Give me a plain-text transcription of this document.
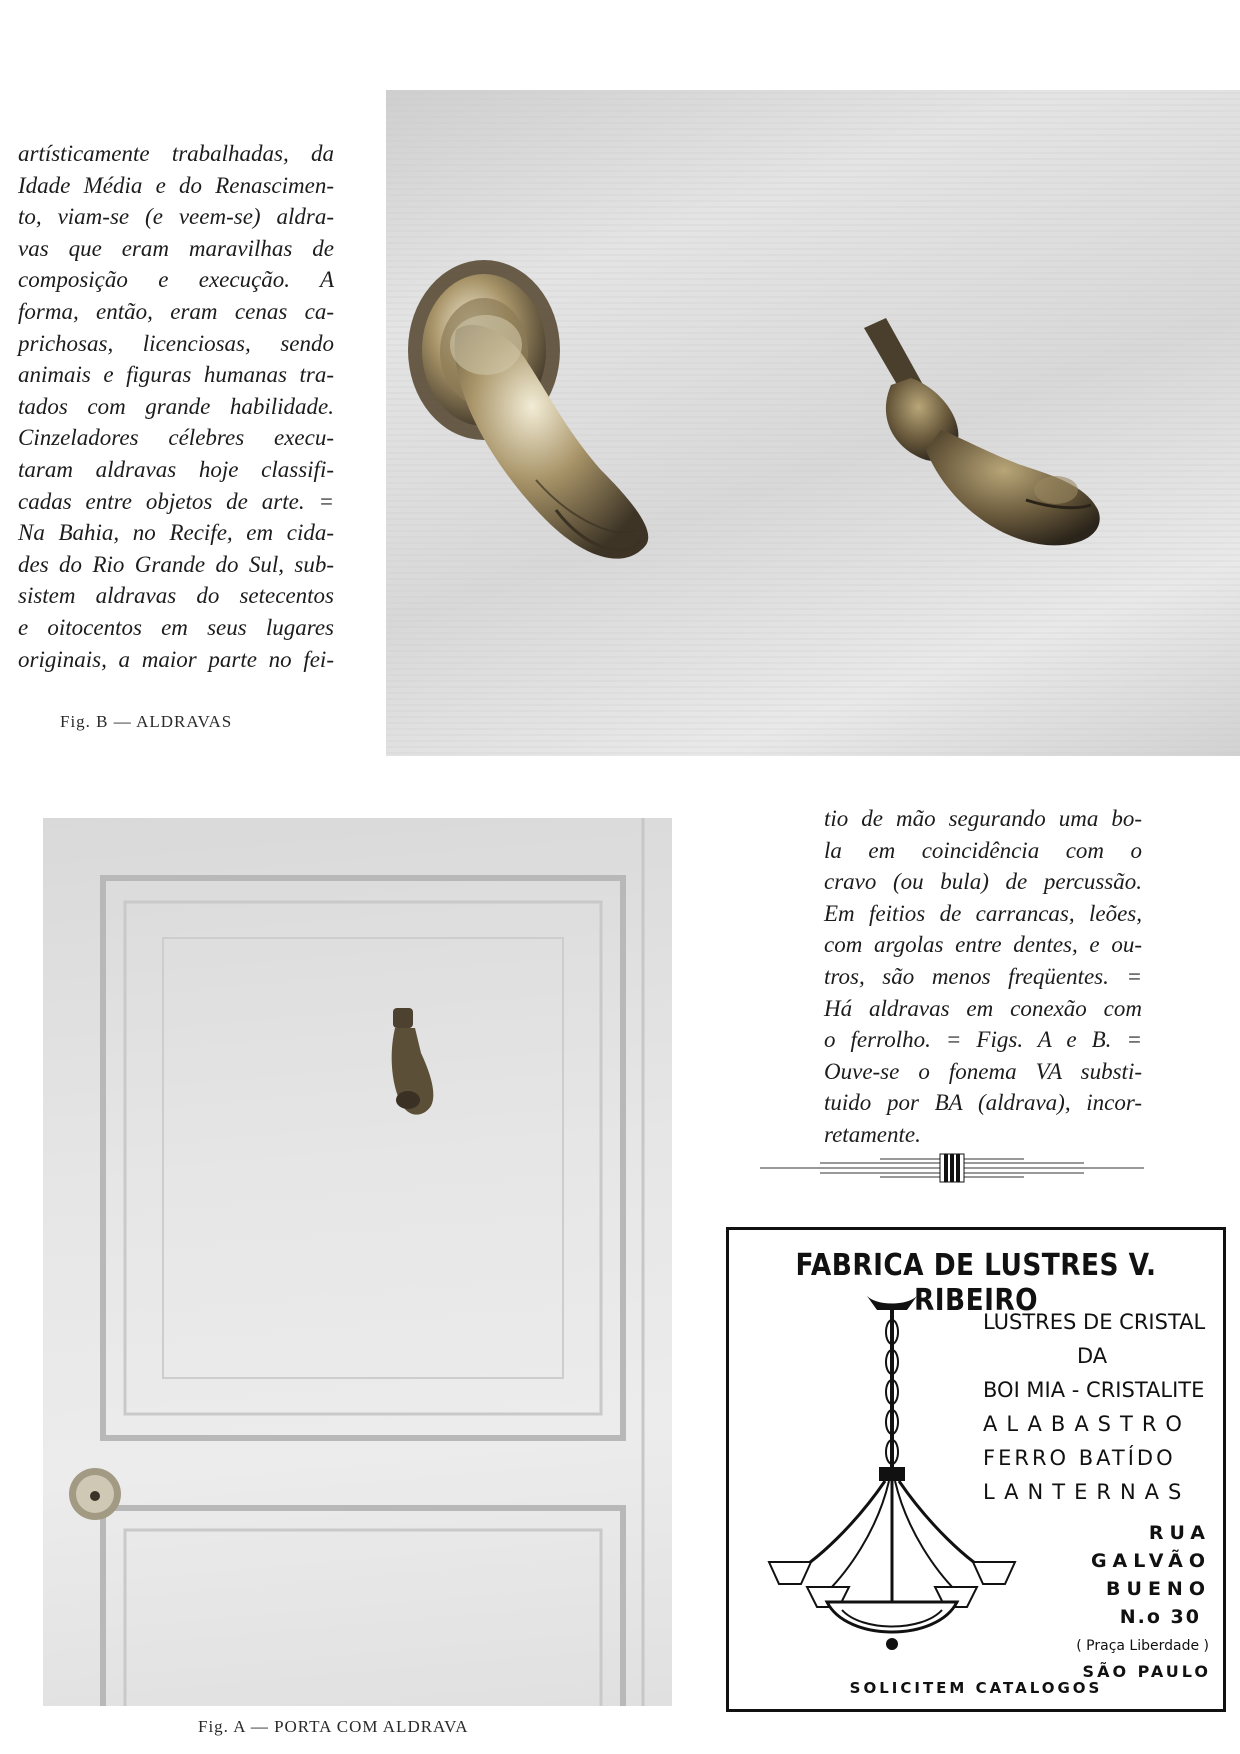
artísticamente trabalhadas, da
Idade Média e do Renascimen-
to, viam-se (e veem-se) aldra-
vas que eram maravilhas de
composição e execução. A
forma, então, eram cenas ca-
prichosas, licenciosas, sendo
animais e figuras humanas tra-
tados com grande habilidade.
Cinzeladores célebres execu-
taram aldravas hoje classifi-
cadas entre objetos de arte. =
Na Bahia, no Recife, em cida-
des do Rio Grande do Sul, sub-
sistem aldravas do setecentos
e oitocentos em seus lugares
originais, a maior parte no fei-
Fig. B — ALDRAVAS
Fig. A — PORTA COM ALDRAVA
tio de mão segurando uma bo-
la em coincidência com o
cravo (ou bula) de percussão.
Em feitios de carrancas, leões,
com argolas entre dentes, e ou-
tros, são menos freqüentes. =
Há aldravas em conexão com
o ferrolho. = Figs. A e B. =
Ouve-se o fonema VA substi-
tuido por BA (aldrava), incor-
retamente.
FABRICA DE LUSTRES V. RIBEIRO
LUSTRES DE CRISTAL
DA
BOI MIA - CRISTALITE
ALABASTRO
FERRO BATÍDO
LANTERNAS
RUA
GALVÃO
BUENO
N.o 30
( Praça Liberdade )
SÃO PAULO
SOLICITEM CATALOGOS
